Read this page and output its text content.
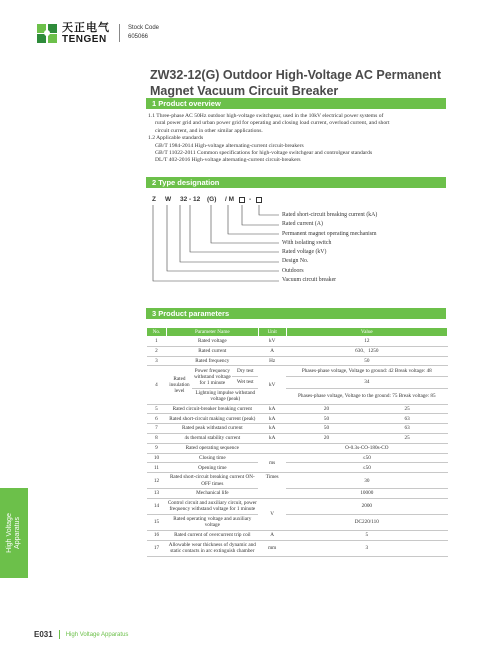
天正电气
TENGEN
Stock Code
605066
ZW32-12(G) Outdoor High-Voltage AC Permanent Magnet Vacuum Circuit Breaker
1 Product overview
1.1 Three-phase AC 50Hz outdoor high-voltage switchgear, used in the 10kV electrical power systems of
rural power grid and urban power grid for operating and closing load current, overload current, and short
circuit current, and in other similar applications.
1.2 Applicable standards
GB/T 1984-2014 High-voltage alternating-current circuit-breakers
GB/T 11022-2011 Common specifications for high-voltage switchgear and controlgear standards
DL/T 402-2016 High-voltage alternating-current circuit-breakers
2 Type designation
Z W 32 - 12 (G) / M -
Rated short-circuit breaking current (kA)
Rated current (A)
Permanent magnet operating mechanism
With isolating switch
Rated voltage (kV)
Design No.
Outdoors
Vacuum circuit breaker
3 Product parameters
No.	Parameter Name			Unit	Value	
1	Rated voltage			kV	12	
2	Rated current			A	630、1250	
3	Rated frequency			Hz	50	
4	Rated insulation level	Power frequency withstand voltage for 1 minute	Dry test	kV	Phases-phase voltage, Voltage to ground: 42 Break voltage: 48	
			Wet test		34	
		Lightning impulse withstand voltage (peak)			Phases-phase voltage, Voltage to the ground: 75 Break voltage: 85	
5	Rated circuit-breaker breaking current			kA	20	25
6	Rated short-circuit making current (peak)			kA	50	63
7	Rated peak withstand current			kA	50	63
8	4s thermal stability current			kA	20	25
9	Rated operating sequence				O-0.3s-CO-180s-CO	
10	Closing time			ms	≤50	
11	Opening time				≤50	
12	Rated short-circuit breaking current ON-OFF times			Times	30	
13	Mechanical life				10000	
14	Control circuit and auxiliary circuit, power frequency withstand voltage for 1 minute			V	2000	
15	Rated operating voltage and auxiliary voltage				DC220/110	
16	Rated current of overcurrent trip coil			A	5	
17	Allowable wear thickness of dynamic and static contacts in arc extinguish chamber			mm	3	
High Voltage Apparatus
E031 High Voltage Apparatus
